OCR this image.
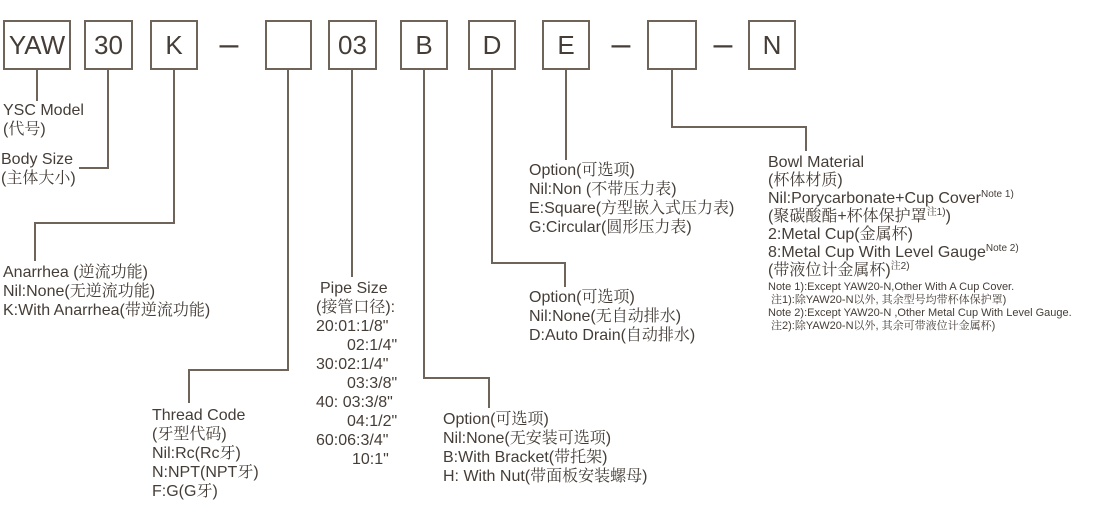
YAW	30	K	–	03	B	D	E	– –	N
YSC Model
(代号)
Body Size
(主体大小)
Anarrhea (逆流功能)
Nil:None(无逆流功能)
K:With Anarrhea(带逆流功能)
Thread Code
(牙型代码)
Nil:Rc(Rc牙)
N:NPT(NPT牙)
F:G(G牙)
Pipe Size
(接管口径):
20:01:1/8"
02:1/4"
30:02:1/4"
03:3/8"
40: 03:3/8"
04:1/2"
60:06:3/4"
10:1"
Option(可选项)
Nil:None(无安装可选项)
B:With Bracket(带托架)
H: With Nut(带面板安装螺母)
Option(可选项)
Nil:None(无自动排水)
D:Auto Drain(自动排水)
Option(可选项)
Nil:Non (不带压力表)
E:Square(方型嵌入式压力表)
G:Circular(圆形压力表)
Bowl Material
(杯体材质)
Nil:Porycarbonate+Cup Cover$^{Note 1)}$
(聚碳酸酯+杯体保护罩$^{注1)}$)
2:Metal Cup(金属杯)
8:Metal Cup With Level Gauge$^{Note 2)}$
(带液位计金属杯)$^{注2)}$
Note 1):Except YAW20-N,Other With A Cup Cover.
注1):除YAW20-N以外, 其余型号均带杯体保护罩)
Note 2):Except YAW20-N ,Other Metal Cup With Level Gauge.
注2):除YAW20-N以外, 其余可带液位计金属杯)
